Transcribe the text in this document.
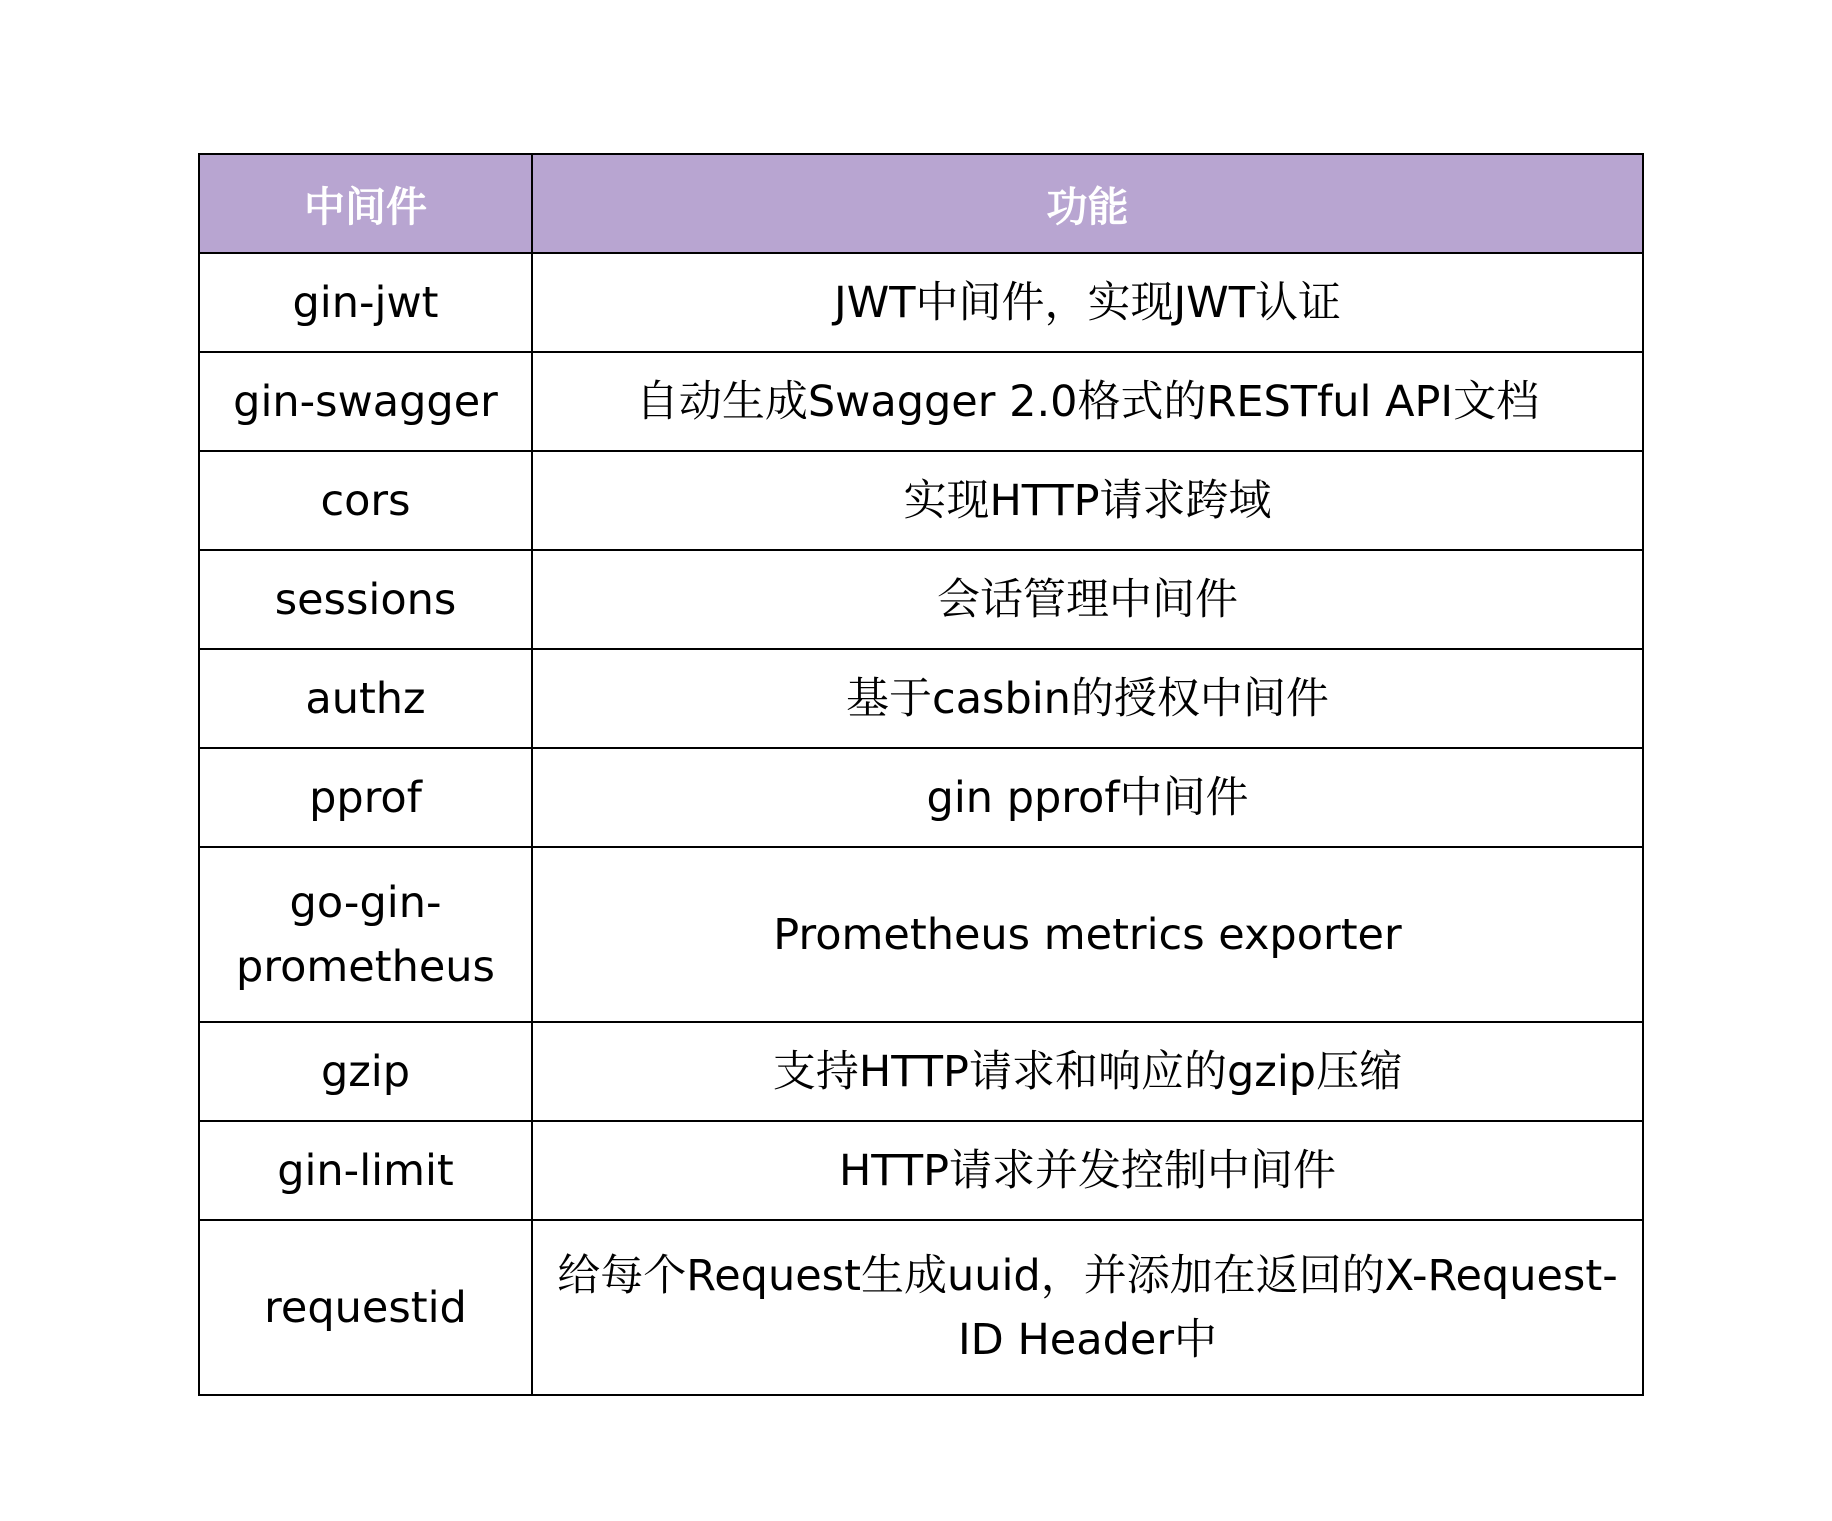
中间件	功能
gin-jwt	JWT中间件，实现JWT认证
gin-swagger	自动生成Swagger 2.0格式的RESTful API文档
cors	实现HTTP请求跨域
sessions	会话管理中间件
authz	基于casbin的授权中间件
pprof	gin pprof中间件
go-gin-prometheus	Prometheus metrics exporter
gzip	支持HTTP请求和响应的gzip压缩
gin-limit	HTTP请求并发控制中间件
requestid	给每个Request生成uuid，并添加在返回的X-Request-ID Header中
